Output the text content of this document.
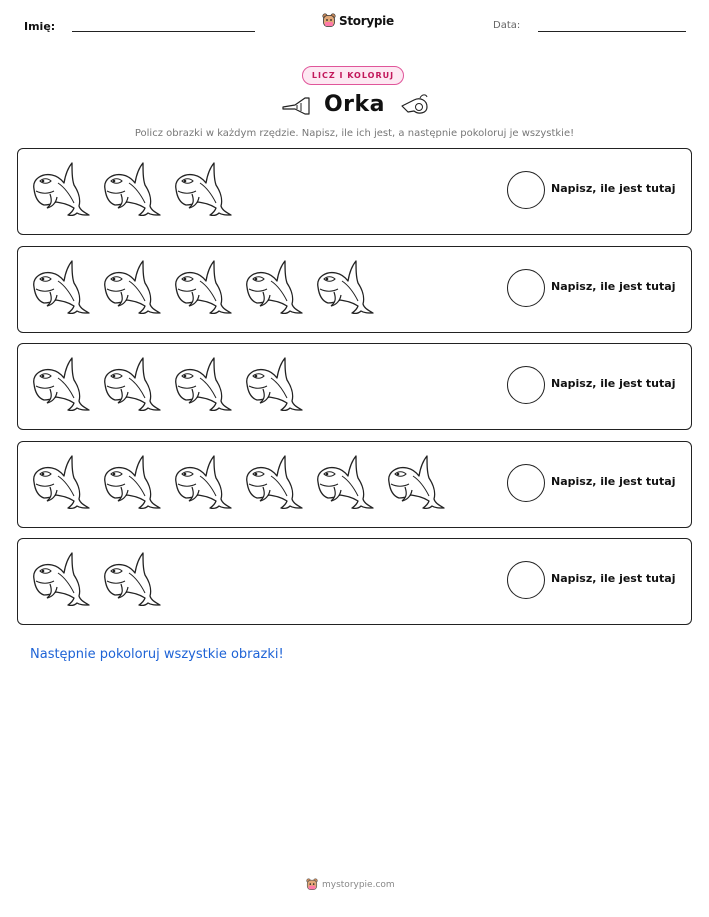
Imię:	Storypie	Data:
LICZ I KOLORUJ
Orka
Policz obrazki w każdym rzędzie. Napisz, ile ich jest, a następnie pokoloruj je wszystkie!
Napisz, ile jest tutaj
Napisz, ile jest tutaj
Napisz, ile jest tutaj
Napisz, ile jest tutaj
Napisz, ile jest tutaj
Następnie pokoloruj wszystkie obrazki!
mystorypie.com
